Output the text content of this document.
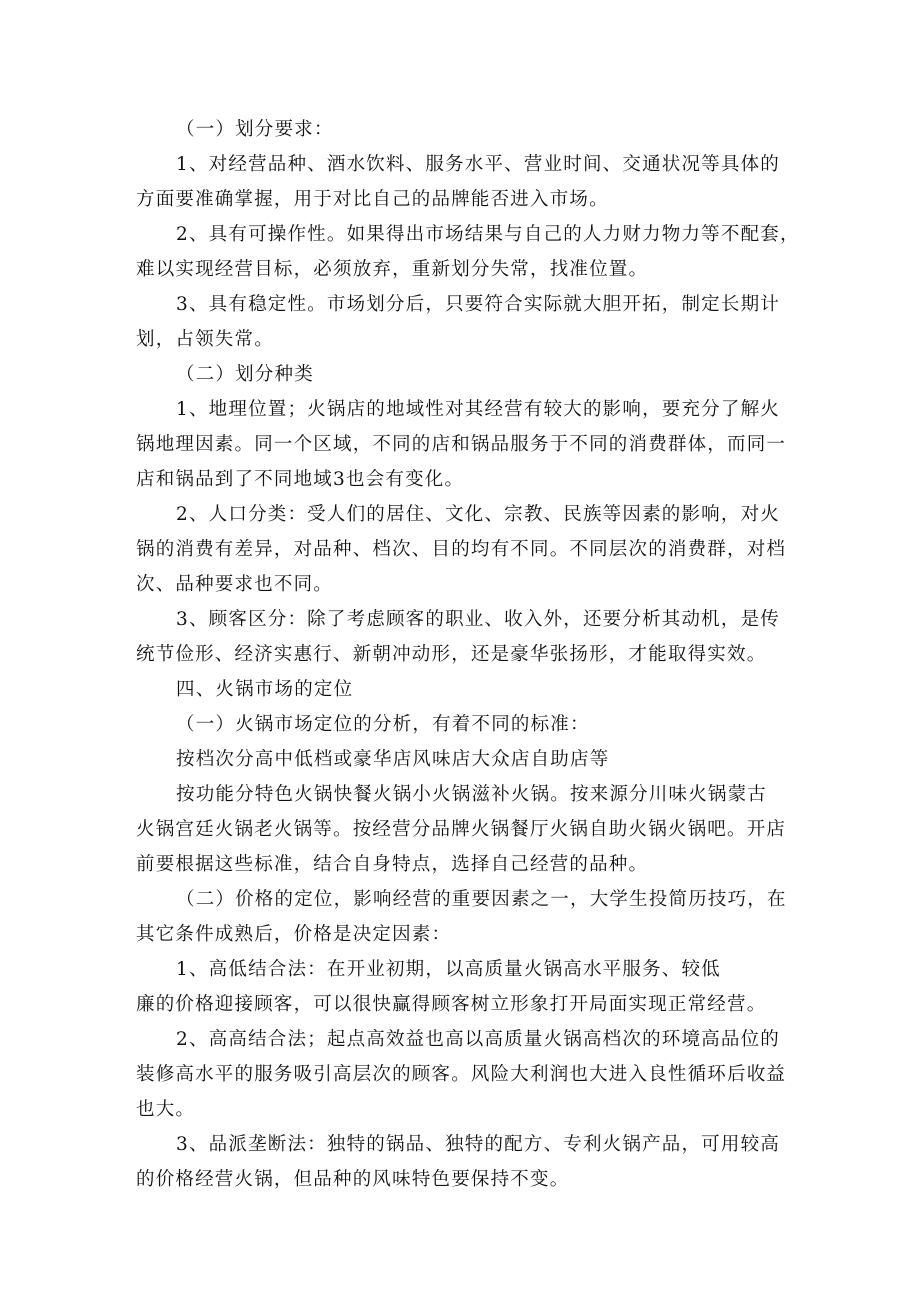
（一）划分要求：
1、对经营品种、酒水饮料、服务水平、营业时间、交通状况等具体的
方面要准确掌握，用于对比自己的品牌能否进入市场。
2、具有可操作性。如果得出市场结果与自己的人力财力物力等不配套，
难以实现经营目标，必须放弃，重新划分失常，找准位置。
3、具有稳定性。市场划分后，只要符合实际就大胆开拓，制定长期计
划，占领失常。
（二）划分种类
1、地理位置；火锅店的地域性对其经营有较大的影响，要充分了解火
锅地理因素。同一个区域，不同的店和锅品服务于不同的消费群体，而同一
店和锅品到了不同地域3也会有变化。
2、人口分类：受人们的居住、文化、宗教、民族等因素的影响，对火
锅的消费有差异，对品种、档次、目的均有不同。不同层次的消费群，对档
次、品种要求也不同。
3、顾客区分：除了考虑顾客的职业、收入外，还要分析其动机，是传
统节俭形、经济实惠行、新朝冲动形，还是豪华张扬形，才能取得实效。
四、火锅市场的定位
（一）火锅市场定位的分析，有着不同的标准：
按档次分高中低档或豪华店风味店大众店自助店等
按功能分特色火锅快餐火锅小火锅滋补火锅。按来源分川味火锅蒙古
火锅宫廷火锅老火锅等。按经营分品牌火锅餐厅火锅自助火锅火锅吧。开店
前要根据这些标准，结合自身特点，选择自己经营的品种。
（二）价格的定位，影响经营的重要因素之一，大学生投简历技巧，在
其它条件成熟后，价格是决定因素：
1、高低结合法：在开业初期，以高质量火锅高水平服务、较低
廉的价格迎接顾客，可以很快赢得顾客树立形象打开局面实现正常经营。
2、高高结合法；起点高效益也高以高质量火锅高档次的环境高品位的
装修高水平的服务吸引高层次的顾客。风险大利润也大进入良性循环后收益
也大。
3、品派垄断法：独特的锅品、独特的配方、专利火锅产品，可用较高
的价格经营火锅，但品种的风味特色要保持不变。
